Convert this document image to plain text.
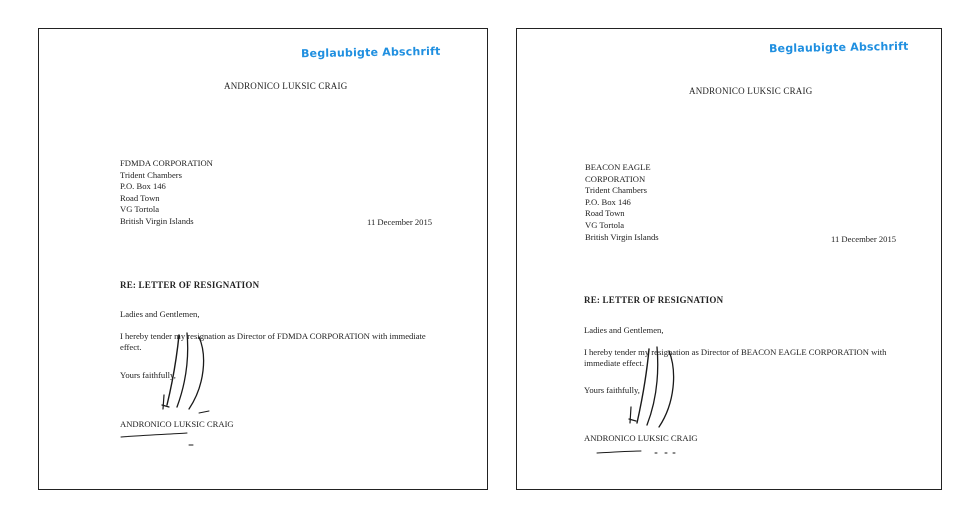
Beglaubigte Abschrift
ANDRONICO LUKSIC CRAIG
FDMDA CORPORATION
Trident Chambers
P.O. Box 146
Road Town
VG Tortola
British Virgin Islands	11 December 2015
RE: LETTER OF RESIGNATION
Ladies and Gentlemen,
I hereby tender my resignation as Director of FDMDA CORPORATION with immediate
effect.
Yours faithfully,
ANDRONICO LUKSIC CRAIG
Beglaubigte Abschrift
ANDRONICO LUKSIC CRAIG
BEACON EAGLE
CORPORATION
Trident Chambers
P.O. Box 146
Road Town
VG Tortola
British Virgin Islands	11 December 2015
RE: LETTER OF RESIGNATION
Ladies and Gentlemen,
I hereby tender my resignation as Director of BEACON EAGLE CORPORATION with
immediate effect.
Yours faithfully,
ANDRONICO LUKSIC CRAIG
